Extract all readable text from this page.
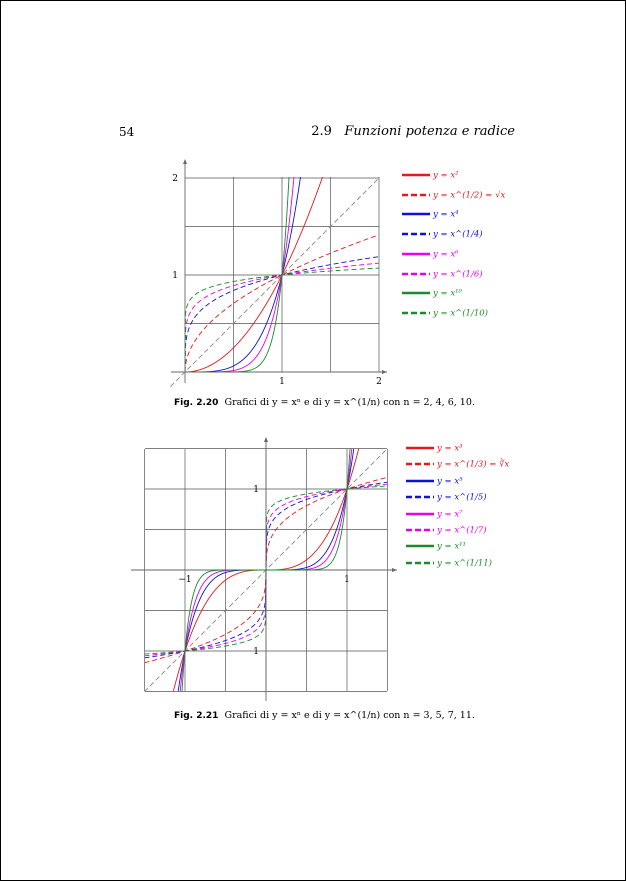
54	2.9 Funzioni potenza e radice
1	2
1
2
−1	1
1
1
y = x²
y = x^(1/2) = √x
y = x⁴
y = x^(1/4)
y = x⁶
y = x^(1/6)
y = x¹⁰
y = x^(1/10)
y = x³
y = x^(1/3) = ∛x
y = x⁵
y = x^(1/5)
y = x⁷
y = x^(1/7)
y = x¹¹
y = x^(1/11)
Fig. 2.20 Grafici di y = xⁿ e di y = x^(1/n) con n = 2, 4, 6, 10.
Fig. 2.21 Grafici di y = xⁿ e di y = x^(1/n) con n = 3, 5, 7, 11.
